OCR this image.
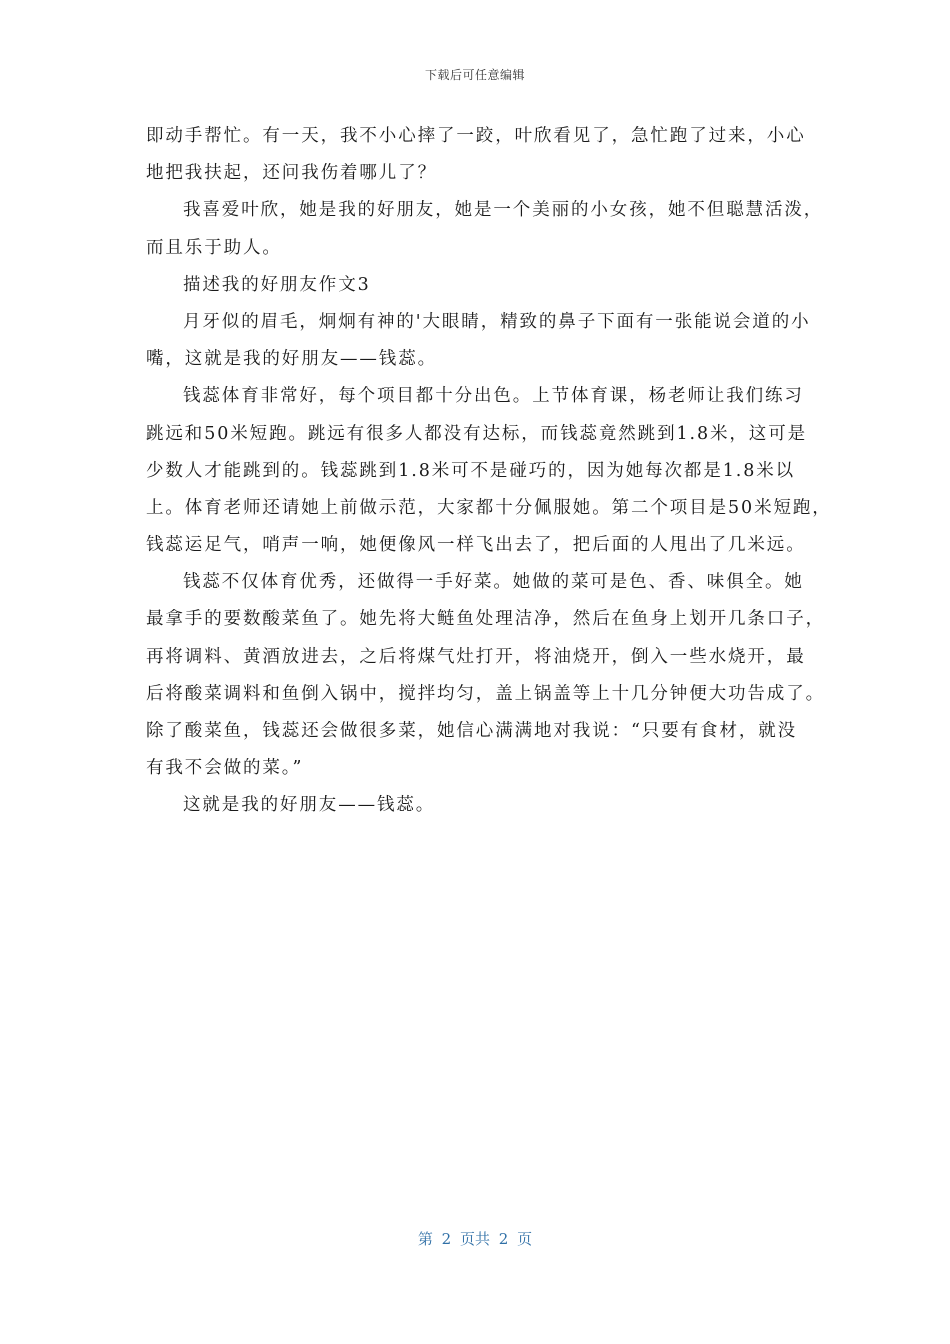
下载后可任意编辑
即动手帮忙。有一天，我不小心摔了一跤，叶欣看见了，急忙跑了过来，小心
地把我扶起，还问我伤着哪儿了？
我喜爱叶欣，她是我的好朋友，她是一个美丽的小女孩，她不但聪慧活泼，
而且乐于助人。
描述我的好朋友作文3
月牙似的眉毛，炯炯有神的'大眼睛，精致的鼻子下面有一张能说会道的小
嘴，这就是我的好朋友——钱蕊。
钱蕊体育非常好，每个项目都十分出色。上节体育课，杨老师让我们练习
跳远和50米短跑。跳远有很多人都没有达标，而钱蕊竟然跳到1.8米，这可是
少数人才能跳到的。钱蕊跳到1.8米可不是碰巧的，因为她每次都是1.8米以
上。体育老师还请她上前做示范，大家都十分佩服她。第二个项目是50米短跑，
钱蕊运足气，哨声一响，她便像风一样飞出去了，把后面的人甩出了几米远。
钱蕊不仅体育优秀，还做得一手好菜。她做的菜可是色、香、味俱全。她
最拿手的要数酸菜鱼了。她先将大鲢鱼处理洁净，然后在鱼身上划开几条口子，
再将调料、黄酒放进去，之后将煤气灶打开，将油烧开，倒入一些水烧开，最
后将酸菜调料和鱼倒入锅中，搅拌均匀，盖上锅盖等上十几分钟便大功告成了。
除了酸菜鱼，钱蕊还会做很多菜，她信心满满地对我说：“只要有食材，就没
有我不会做的菜。”
这就是我的好朋友——钱蕊。
第 2 页共 2 页
